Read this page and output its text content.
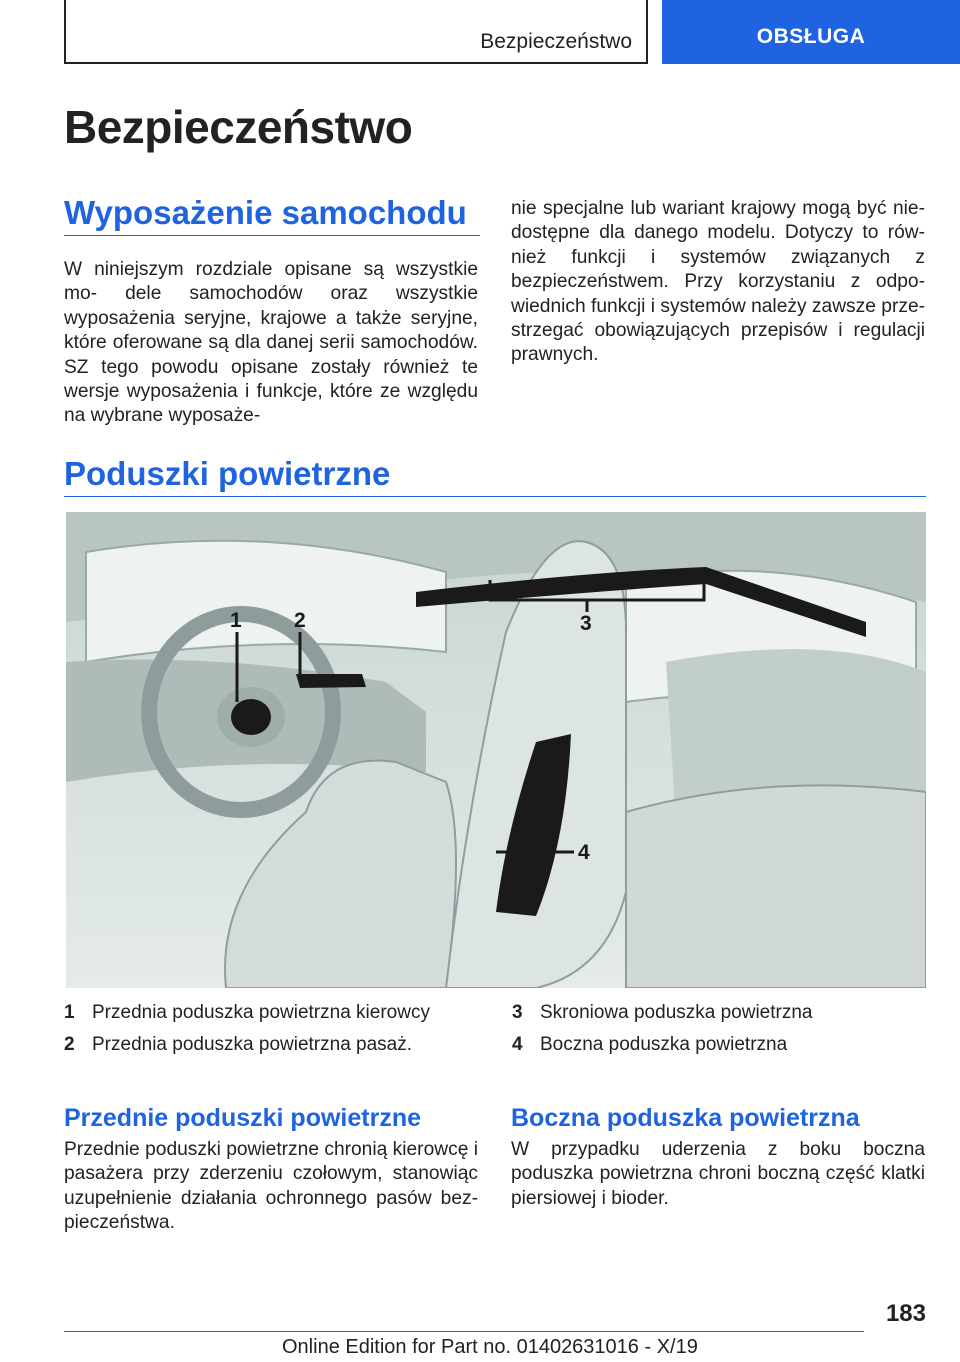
Bezpieczeństwo	OBSŁUGA
Bezpieczeństwo
Wyposażenie samochodu

W niniejszym rozdziale opisane są wszystkie mo‐ dele samochodów oraz wszystkie wyposażenia seryjne, krajowe a także seryjne, które oferowane są dla danej serii samochodów. SZ tego powodu opisane zostały również te wersje wyposażenia i funkcje, które ze względu na wybrane wyposaże‐

nie specjalne lub wariant krajowy mogą być nie‐ dostępne dla danego modelu. Dotyczy to rów‐ nież funkcji i systemów związanych z bezpieczeństwem. Przy korzystaniu z odpo‐ wiednich funkcji i systemów należy zawsze prze‐ strzegać obowiązujących przepisów i regulacji prawnych.

Poduszki powietrzne
1 2	3
4
1 Przednia poduszka powietrzna kierowcy
2 Przednia poduszka powietrzna pasaż.
3 Skroniowa poduszka powietrzna
4 Boczna poduszka powietrzna
Przednie poduszki powietrzne

Przednie poduszki powietrzne chronią kierowcę i pasażera przy zderzeniu czołowym, stanowiąc uzupełnienie działania ochronnego pasów bez‐ pieczeństwa.

Boczna poduszka powietrzna

W przypadku uderzenia z boku boczna poduszka powietrzna chroni boczną część klatki piersiowej i bioder.

183
Online Edition for Part no. 01402631016 - X/19
